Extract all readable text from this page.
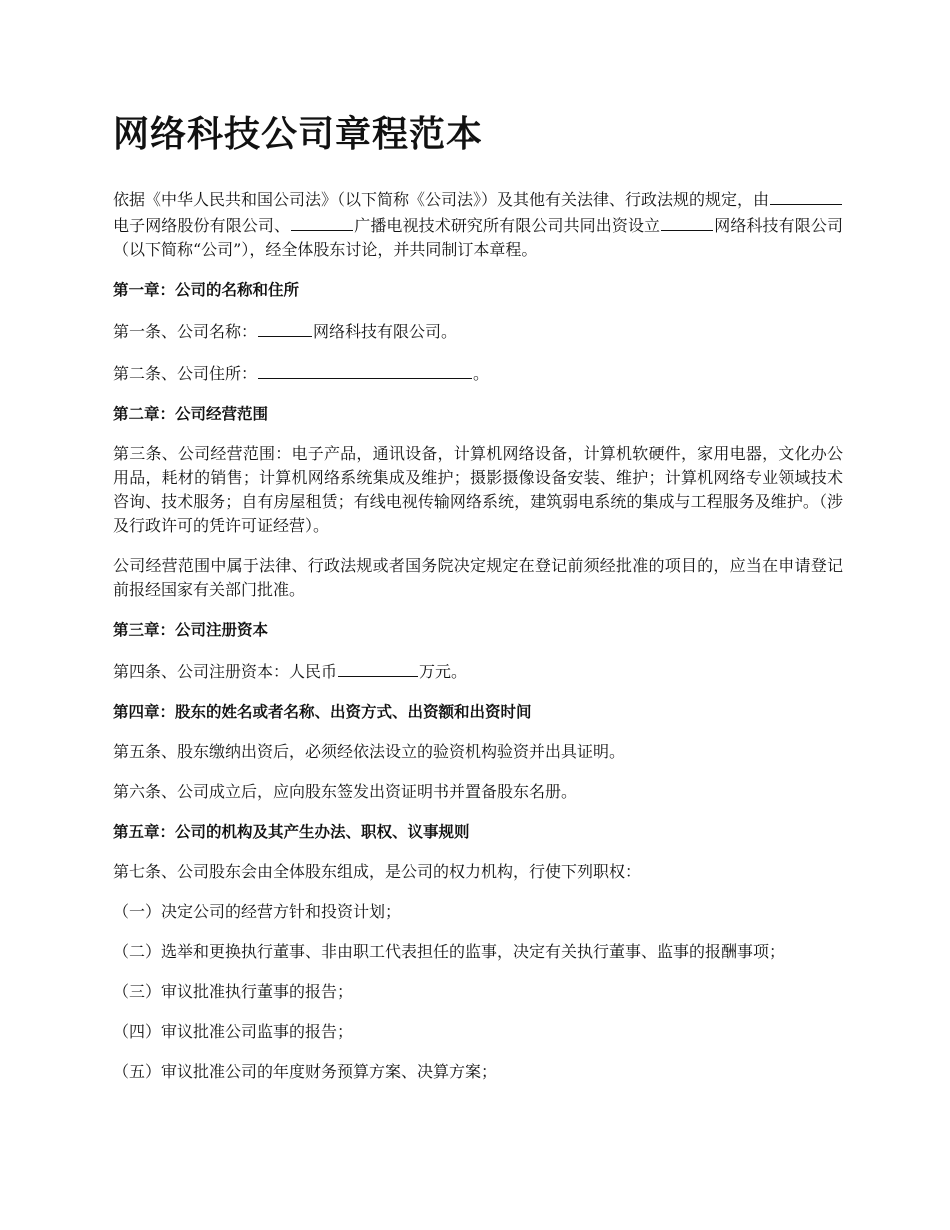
网络科技公司章程范本

依据《中华人民共和国公司法》（以下简称《公司法》）及其他有关法律、行政法规的规定，由电子网络股份有限公司、	广播电视技术研究所有限公司共同出资设立	网络科技有限公司（以下简称“公司”），经全体股东讨论，并共同制订本章程。

第一章：公司的名称和住所

第一条、公司名称：	网络科技有限公司。

第二条、公司住所：	。

第二章：公司经营范围

第三条、公司经营范围：电子产品，通讯设备，计算机网络设备，计算机软硬件，家用电器，文化办公用品，耗材的销售；计算机网络系统集成及维护；摄影摄像设备安装、维护；计算机网络专业领域技术咨询、技术服务；自有房屋租赁；有线电视传输网络系统，建筑弱电系统的集成与工程服务及维护。（涉及行政许可的凭许可证经营）。

公司经营范围中属于法律、行政法规或者国务院决定规定在登记前须经批准的项目的，应当在申请登记前报经国家有关部门批准。

第三章：公司注册资本

第四条、公司注册资本：人民币	万元。

第四章：股东的姓名或者名称、出资方式、出资额和出资时间

第五条、股东缴纳出资后，必须经依法设立的验资机构验资并出具证明。

第六条、公司成立后，应向股东签发出资证明书并置备股东名册。

第五章：公司的机构及其产生办法、职权、议事规则

第七条、公司股东会由全体股东组成，是公司的权力机构，行使下列职权：

（一）决定公司的经营方针和投资计划；

（二）选举和更换执行董事、非由职工代表担任的监事，决定有关执行董事、监事的报酬事项；

（三）审议批准执行董事的报告；

（四）审议批准公司监事的报告；

（五）审议批准公司的年度财务预算方案、决算方案；
